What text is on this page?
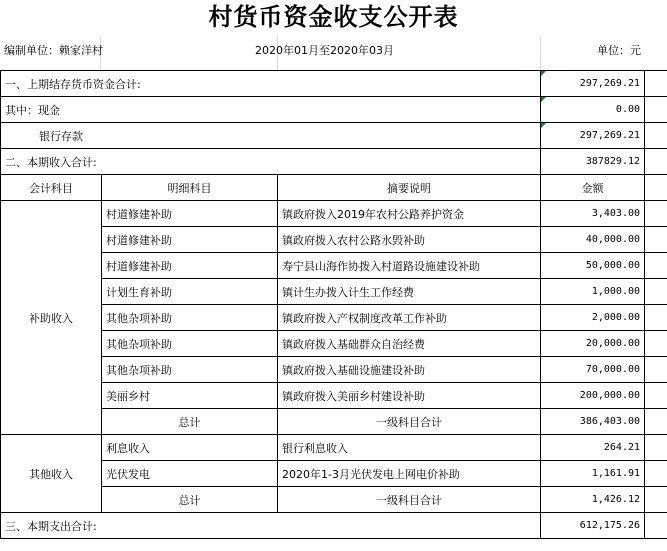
村货币资金收支公开表
编制单位：赖家洋村	2020年01月至2020年03月	单位：元
一、上期结存货币资金合计:			297,269.21	
其中：现金			0.00	
银行存款			297,269.21	
二、本期收入合计:			387829.12	
会计科目	明细科目	摘要说明	金额	
补助收入	村道修建补助	镇政府拨入2019年农村公路养护资金	3,403.00	
	村道修建补助	镇政府拨入农村公路水毁补助	40,000.00	
	村道修建补助	寿宁县山海作协拨入村道路设施建设补助	50,000.00	
	计划生育补助	镇计生办拨入计生工作经费	1,000.00	
	其他杂项补助	镇政府拨入产权制度改革工作补助	2,000.00	
	其他杂项补助	镇政府拨入基础群众自治经费	20,000.00	
	其他杂项补助	镇政府拨入基础设施建设补助	70,000.00	
	美丽乡村	镇政府拨入美丽乡村建设补助	200,000.00	
	总计	一级科目合计	386,403.00	
其他收入	利息收入	银行利息收入	264.21	
	光伏发电	2020年1-3月光伏发电上网电价补助	1,161.91	
	总计	一级科目合计	1,426.12	
三、本期支出合计:			612,175.26	
